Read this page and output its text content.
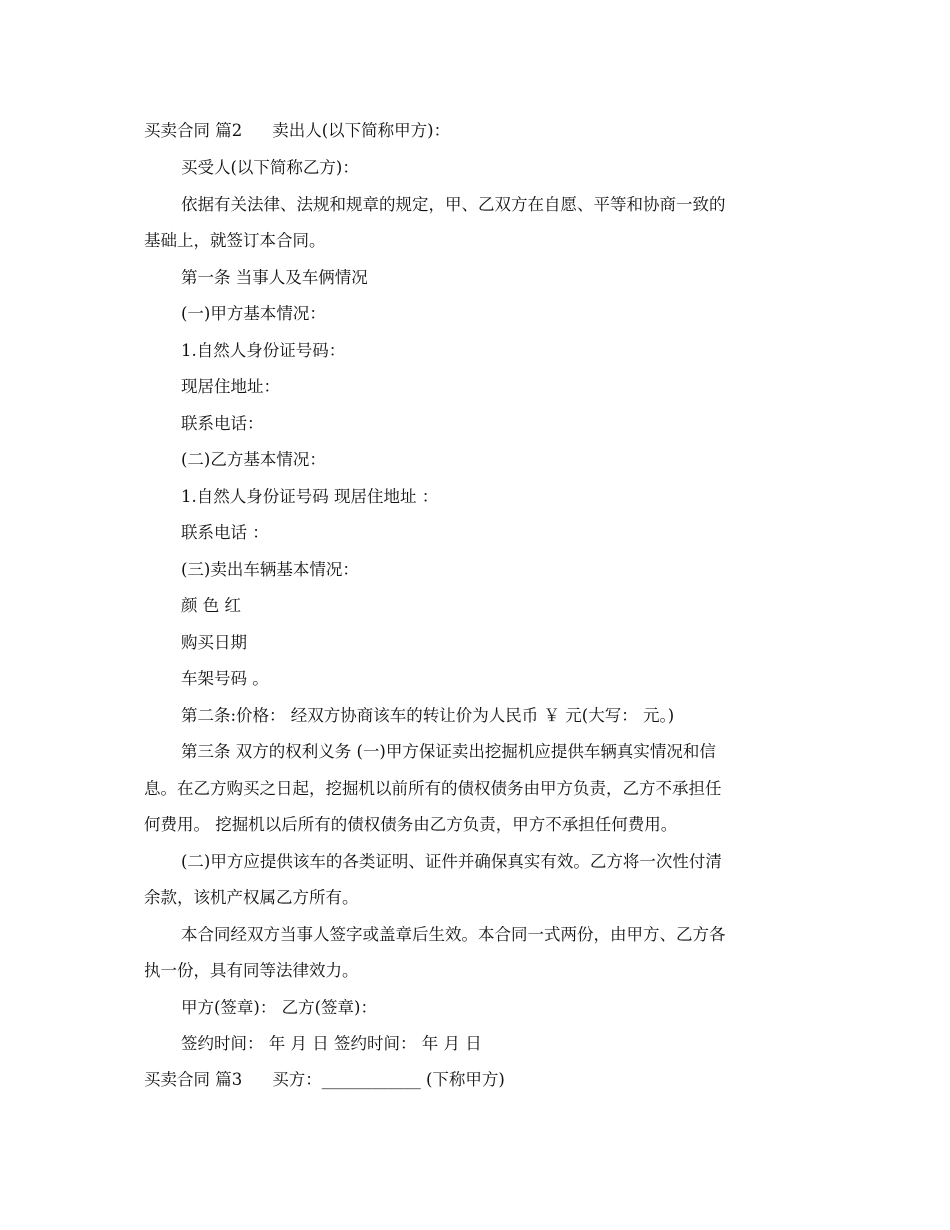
买卖合同 篇2 卖出人(以下简称甲方)：
买受人(以下简称乙方)：
依据有关法律、法规和规章的规定，甲、乙双方在自愿、平等和协商一致的
基础上，就签订本合同。
第一条 当事人及车俩情况
(一)甲方基本情况：
1.自然人身份证号码：
现居住地址：
联系电话：
(二)乙方基本情况：
1.自然人身份证号码 现居住地址 ：
联系电话 ：
(三)卖出车辆基本情况：
颜 色 红
购买日期
车架号码 。
第二条:价格： 经双方协商该车的转让价为人民币 ￥ 元(大写： 元。)
第三条 双方的权利义务 (一)甲方保证卖出挖掘机应提供车辆真实情况和信
息。在乙方购买之日起，挖掘机以前所有的债权债务由甲方负责，乙方不承担任
何费用。 挖掘机以后所有的债权债务由乙方负责，甲方不承担任何费用。
(二)甲方应提供该车的各类证明、证件并确保真实有效。乙方将一次性付清
余款，该机产权属乙方所有。
本合同经双方当事人签字或盖章后生效。本合同一式两份，由甲方、乙方各
执一份，具有同等法律效力。
甲方(签章)： 乙方(签章)：
签约时间： 年 月 日 签约时间： 年 月 日
买卖合同 篇3 买方：____________ (下称甲方)
